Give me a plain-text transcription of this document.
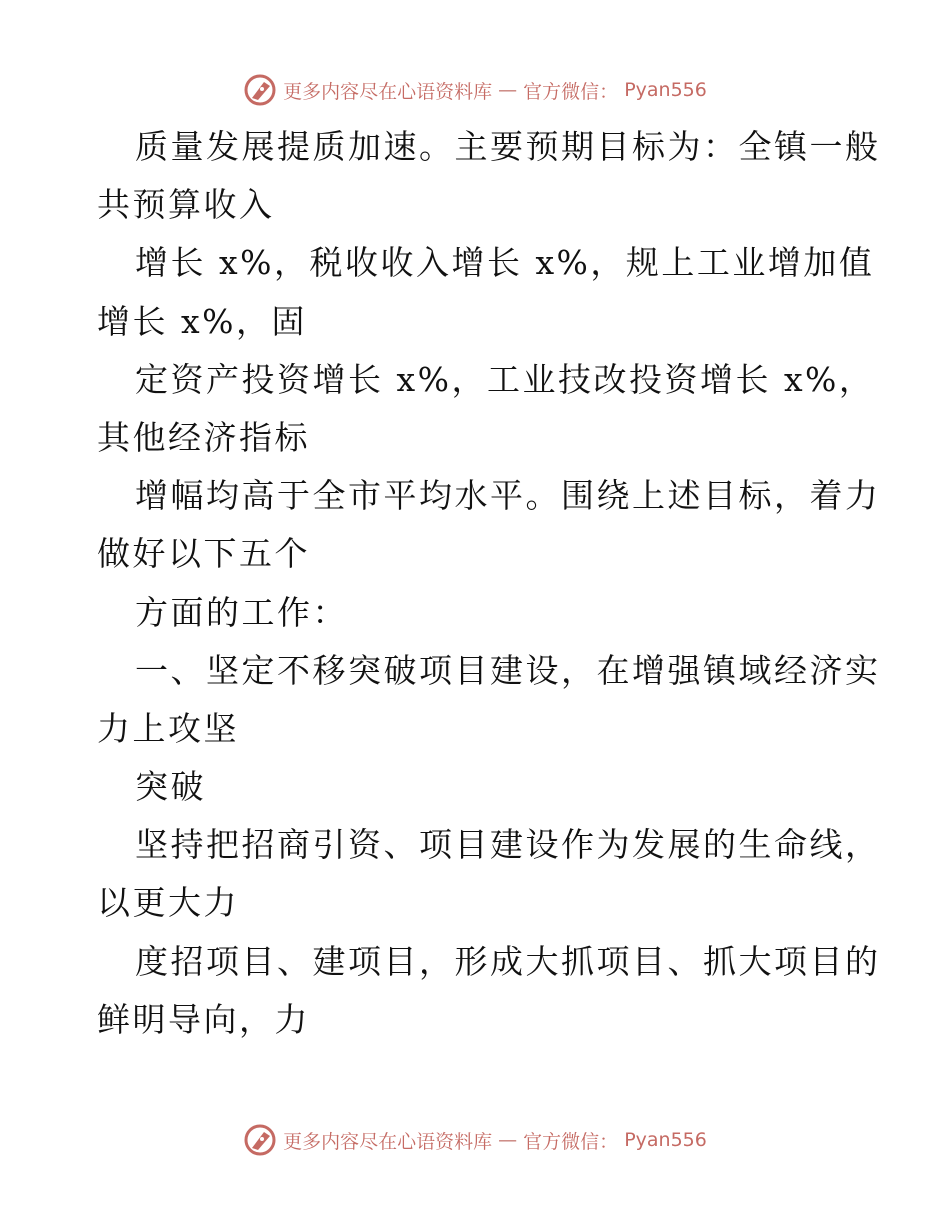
更多内容尽在心语资料库 — 官方微信： Pyan556
质量发展提质加速。主要预期目标为：全镇一般
共预算收入
增长 x%，税收收入增长 x%，规上工业增加值
增长 x%，固
定资产投资增长 x%，工业技改投资增长 x%，
其他经济指标
增幅均高于全市平均水平。围绕上述目标，着力
做好以下五个
方面的工作：
一、坚定不移突破项目建设，在增强镇域经济实
力上攻坚
突破
坚持把招商引资、项目建设作为发展的生命线，
以更大力
度招项目、建项目，形成大抓项目、抓大项目的
鲜明导向，力
更多内容尽在心语资料库 — 官方微信： Pyan556
